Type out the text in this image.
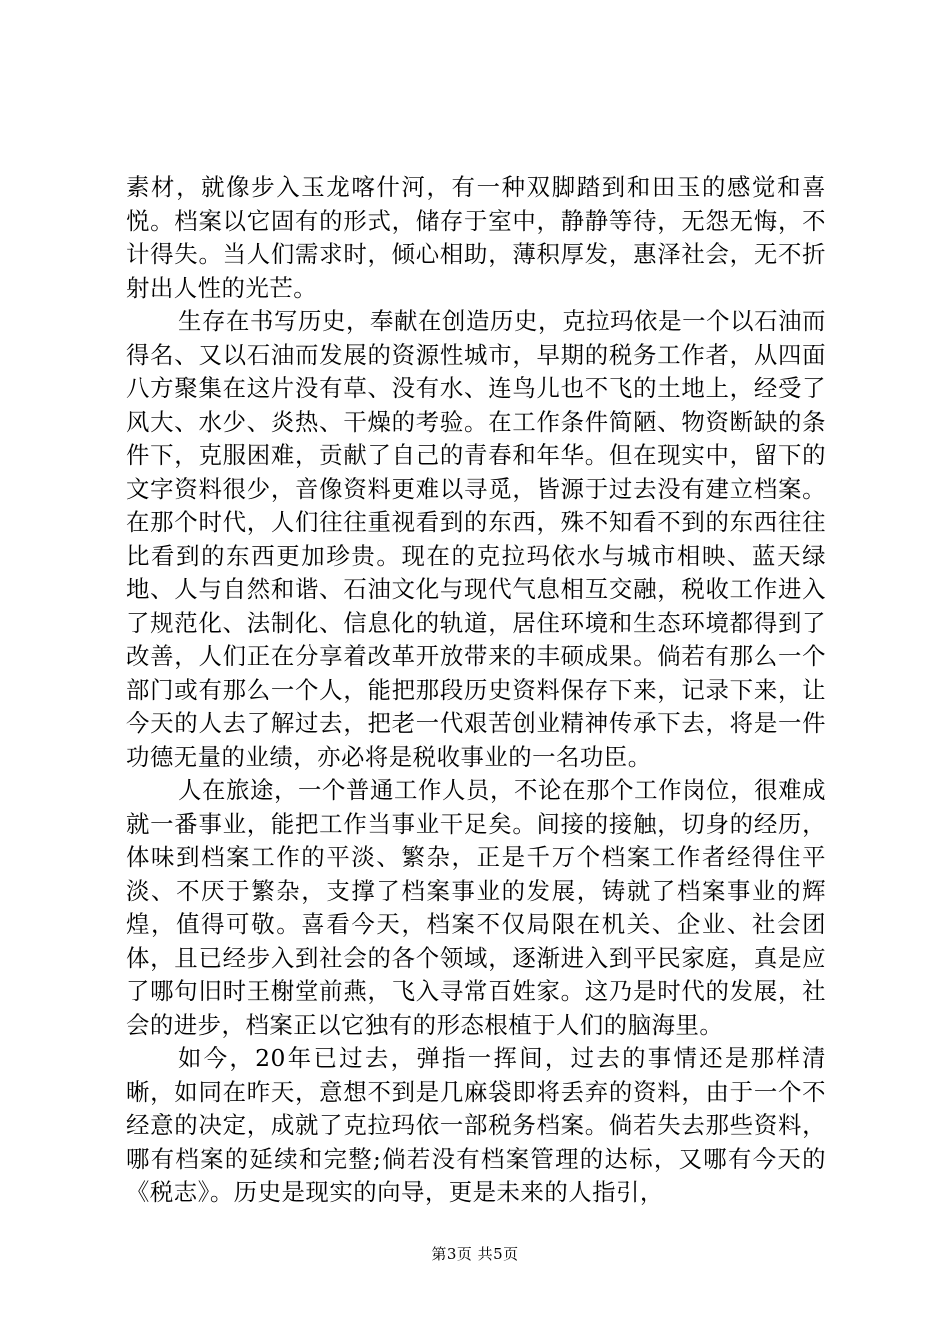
素材，就像步入玉龙喀什河，有一种双脚踏到和田玉的感觉和喜悦。档案以它固有的形式，储存于室中，静静等待，无怨无悔，不计得失。当人们需求时，倾心相助，薄积厚发，惠泽社会，无不折射出人性的光芒。

生存在书写历史，奉献在创造历史，克拉玛依是一个以石油而得名、又以石油而发展的资源性城市，早期的税务工作者，从四面八方聚集在这片没有草、没有水、连鸟儿也不飞的土地上，经受了风大、水少、炎热、干燥的考验。在工作条件简陋、物资断缺的条件下，克服困难，贡献了自己的青春和年华。但在现实中，留下的文字资料很少，音像资料更难以寻觅，皆源于过去没有建立档案。在那个时代，人们往往重视看到的东西，殊不知看不到的东西往往比看到的东西更加珍贵。现在的克拉玛依水与城市相映、蓝天绿地、人与自然和谐、石油文化与现代气息相互交融，税收工作进入了规范化、法制化、信息化的轨道，居住环境和生态环境都得到了改善，人们正在分享着改革开放带来的丰硕成果。倘若有那么一个部门或有那么一个人，能把那段历史资料保存下来，记录下来，让今天的人去了解过去，把老一代艰苦创业精神传承下去，将是一件功德无量的业绩，亦必将是税收事业的一名功臣。

人在旅途，一个普通工作人员，不论在那个工作岗位，很难成就一番事业，能把工作当事业干足矣。间接的接触，切身的经历，体味到档案工作的平淡、繁杂，正是千万个档案工作者经得住平淡、不厌于繁杂，支撑了档案事业的发展，铸就了档案事业的辉煌，值得可敬。喜看今天，档案不仅局限在机关、企业、社会团体，且已经步入到社会的各个领域，逐渐进入到平民家庭，真是应了哪句旧时王榭堂前燕，飞入寻常百姓家。这乃是时代的发展，社会的进步，档案正以它独有的形态根植于人们的脑海里。

如今，20年已过去，弹指一挥间，过去的事情还是那样清晰，如同在昨天，意想不到是几麻袋即将丢弃的资料，由于一个不经意的决定，成就了克拉玛依一部税务档案。倘若失去那些资料，哪有档案的延续和完整;倘若没有档案管理的达标，又哪有今天的《税志》。历史是现实的向导，更是未来的人指引，

第3页 共5页
